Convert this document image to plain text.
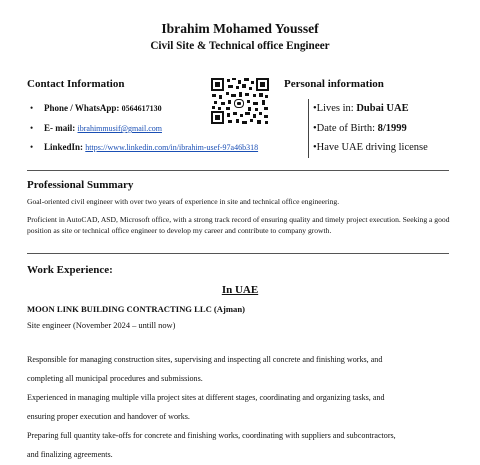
Ibrahim Mohamed Youssef
Civil Site & Technical office Engineer
Contact Information
• Phone / WhatsApp: 0564617130
• E- mail: ibrahimmusif@gmail.com
• LinkedIn: https://www.linkedin.com/in/ibrahim-usef-97a46b318
Personal information
•Lives in: Dubai UAE
•Date of Birth: 8/1999
•Have UAE driving license
Professional Summary
Goal-oriented civil engineer with over two years of experience in site and technical office engineering.
Proficient in AutoCAD, ASD, Microsoft office, with a strong track record of ensuring quality and timely project execution. Seeking a good position as site or technical office engineer to develop my career and contribute to company growth.
Work Experience:
In UAE
MOON LINK BUILDING CONTRACTING LLC (Ajman)
Site engineer (November 2024 – untill now)
Responsible for managing construction sites, supervising and inspecting all concrete and finishing works, and
completing all municipal procedures and submissions.
Experienced in managing multiple villa project sites at different stages, coordinating and organizing tasks, and
ensuring proper execution and handover of works.
Preparing full quantity take-offs for concrete and finishing works, coordinating with suppliers and subcontractors,
and finalizing agreements.
